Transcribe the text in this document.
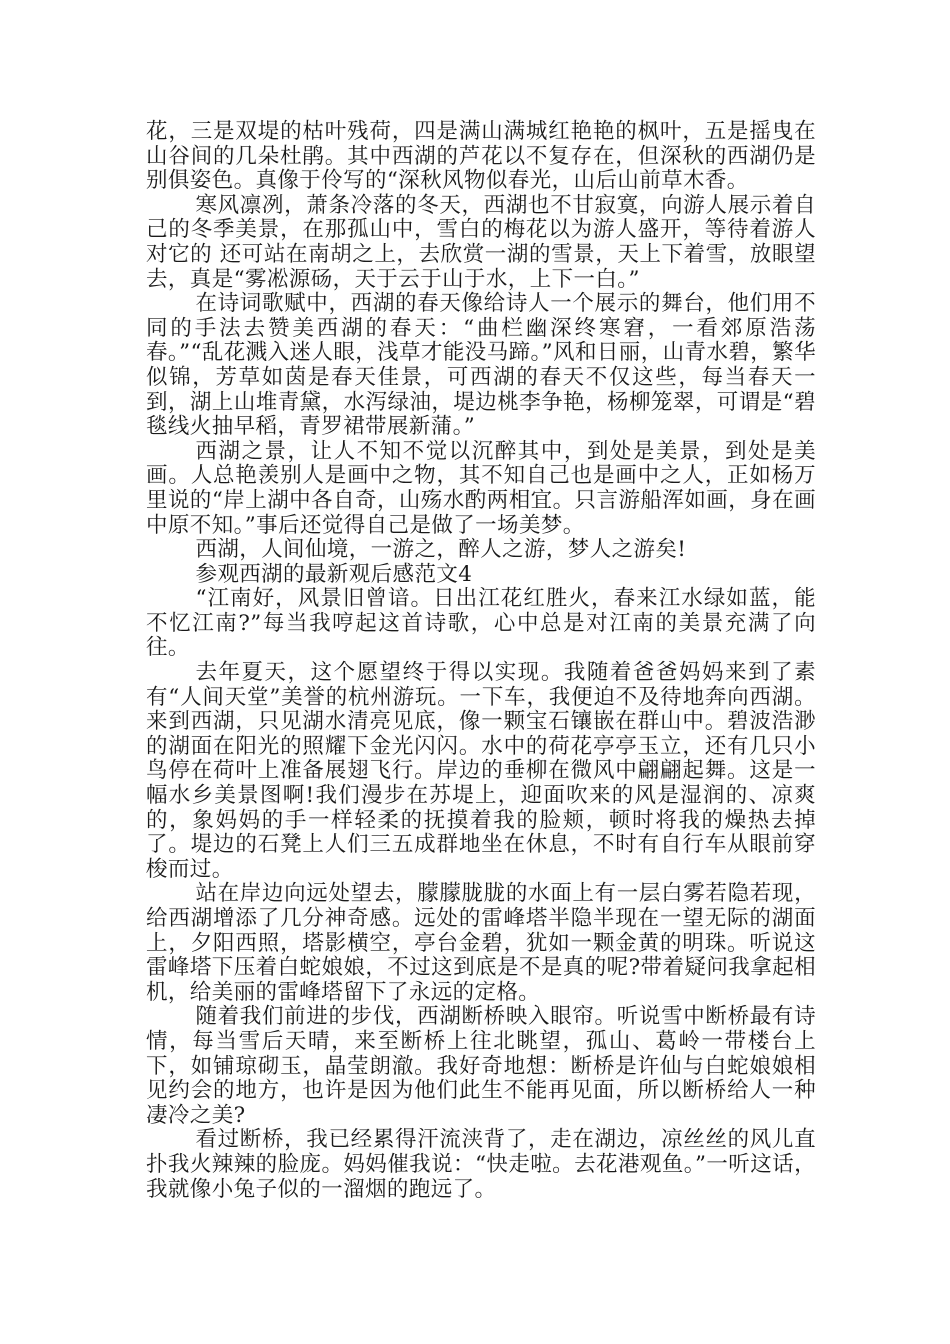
花，三是双堤的枯叶残荷，四是满山满城红艳艳的枫叶，五是摇曳在山谷间的几朵杜鹃。其中西湖的芦花以不复存在，但深秋的西湖仍是别俱姿色。真像于伶写的“深秋风物似春光，山后山前草木香。

寒风凛冽，萧条冷落的冬天，西湖也不甘寂寞，向游人展示着自己的冬季美景，在那孤山中，雪白的梅花以为游人盛开，等待着游人对它的 还可站在南胡之上，去欣赏一湖的雪景，天上下着雪，放眼望去，真是“雾凇源砀，天于云于山于水，上下一白。”

在诗词歌赋中，西湖的春天像给诗人一个展示的舞台，他们用不同的手法去赞美西湖的春天：“曲栏幽深终寒窘，一看郊原浩荡春。”“乱花溅入迷人眼，浅草才能没马蹄。”风和日丽，山青水碧，繁华似锦，芳草如茵是春天佳景，可西湖的春天不仅这些，每当春天一到，湖上山堆青黛，水泻绿油，堤边桃李争艳，杨柳笼翠，可谓是“碧毯线火抽早稻，青罗裙带展新蒲。”

西湖之景，让人不知不觉以沉醉其中，到处是美景，到处是美画。人总艳羡别人是画中之物，其不知自己也是画中之人，正如杨万里说的“岸上湖中各自奇，山殇水酌两相宜。只言游船浑如画，身在画中原不知。”事后还觉得自己是做了一场美梦。

西湖，人间仙境，一游之，醉人之游，梦人之游矣!

参观西湖的最新观后感范文4

“江南好，风景旧曾谙。日出江花红胜火，春来江水绿如蓝，能不忆江南?”每当我哼起这首诗歌，心中总是对江南的美景充满了向往。

去年夏天，这个愿望终于得以实现。我随着爸爸妈妈来到了素有“人间天堂”美誉的杭州游玩。一下车，我便迫不及待地奔向西湖。来到西湖，只见湖水清亮见底，像一颗宝石镶嵌在群山中。碧波浩渺的湖面在阳光的照耀下金光闪闪。水中的荷花亭亭玉立，还有几只小鸟停在荷叶上准备展翅飞行。岸边的垂柳在微风中翩翩起舞。这是一幅水乡美景图啊!我们漫步在苏堤上，迎面吹来的风是湿润的、凉爽的，象妈妈的手一样轻柔的抚摸着我的脸颊，顿时将我的燥热去掉了。堤边的石凳上人们三五成群地坐在休息，不时有自行车从眼前穿梭而过。

站在岸边向远处望去，朦朦胧胧的水面上有一层白雾若隐若现，给西湖增添了几分神奇感。远处的雷峰塔半隐半现在一望无际的湖面上，夕阳西照，塔影横空，亭台金碧，犹如一颗金黄的明珠。听说这雷峰塔下压着白蛇娘娘，不过这到底是不是真的呢?带着疑问我拿起相机，给美丽的雷峰塔留下了永远的定格。

随着我们前进的步伐，西湖断桥映入眼帘。听说雪中断桥最有诗情，每当雪后天晴，来至断桥上往北眺望，孤山、葛岭一带楼台上下，如铺琼砌玉，晶莹朗澈。我好奇地想：断桥是许仙与白蛇娘娘相见约会的地方，也许是因为他们此生不能再见面，所以断桥给人一种凄冷之美?

看过断桥，我已经累得汗流浃背了，走在湖边，凉丝丝的风儿直扑我火辣辣的脸庞。妈妈催我说：“快走啦。去花港观鱼。”一听这话，我就像小兔子似的一溜烟的跑远了。
